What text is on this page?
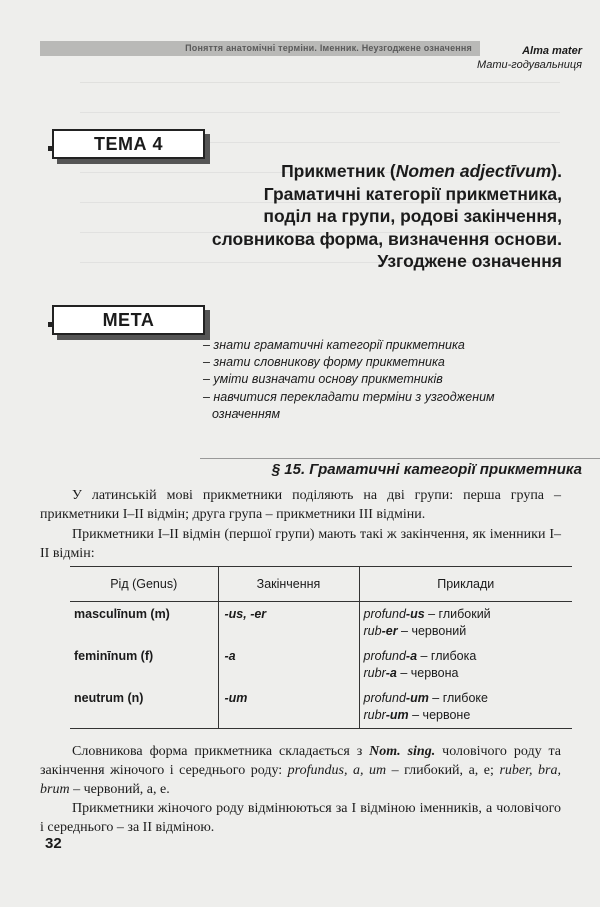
Поняття анатомічні терміни. Іменник. Неузгоджене означення	Alma mater
Мати-годувальниця
ТЕМА 4
Прикметник (Nomen adjectīvum).
Граматичні категорії прикметника,
поділ на групи, родові закінчення,
словникова форма, визначення основи.
Узгоджене означення
МЕТА
– знати граматичні категорії прикметника
– знати словникову форму прикметника
– уміти визначати основу прикметників
– навчитися перекладати терміни з узгодженим
означенням
§ 15. Граматичні категорії прикметника
У латинській мові прикметники поділяють на дві групи: перша група – прикметники І–ІІ відмін; друга група – прикметники ІІІ відміни.
Прикметники І–ІІ відмін (першої групи) мають такі ж закінчення, як іменники І–ІІ відмін:
Рід (Genus)	Закінчення	Приклади
masculīnum (m)	-us, -er	profund-us – глибокий
rub-er – червоний

feminīnum (f)	-a	profund-a – глибока
rubr-a – червона

neutrum (n)	-um	profund-um – глибоке
rubr-um – червоне
Словникова форма прикметника складається з Nom. sing. чоловічого роду та закінчення жіночого і середнього роду: profundus, a, um – глибокий, а, е; ruber, bra, brum – червоний, а, е.
Прикметники жіночого роду відмінюються за І відміною іменників, а чоловічого і середнього – за ІІ відміною.
32
